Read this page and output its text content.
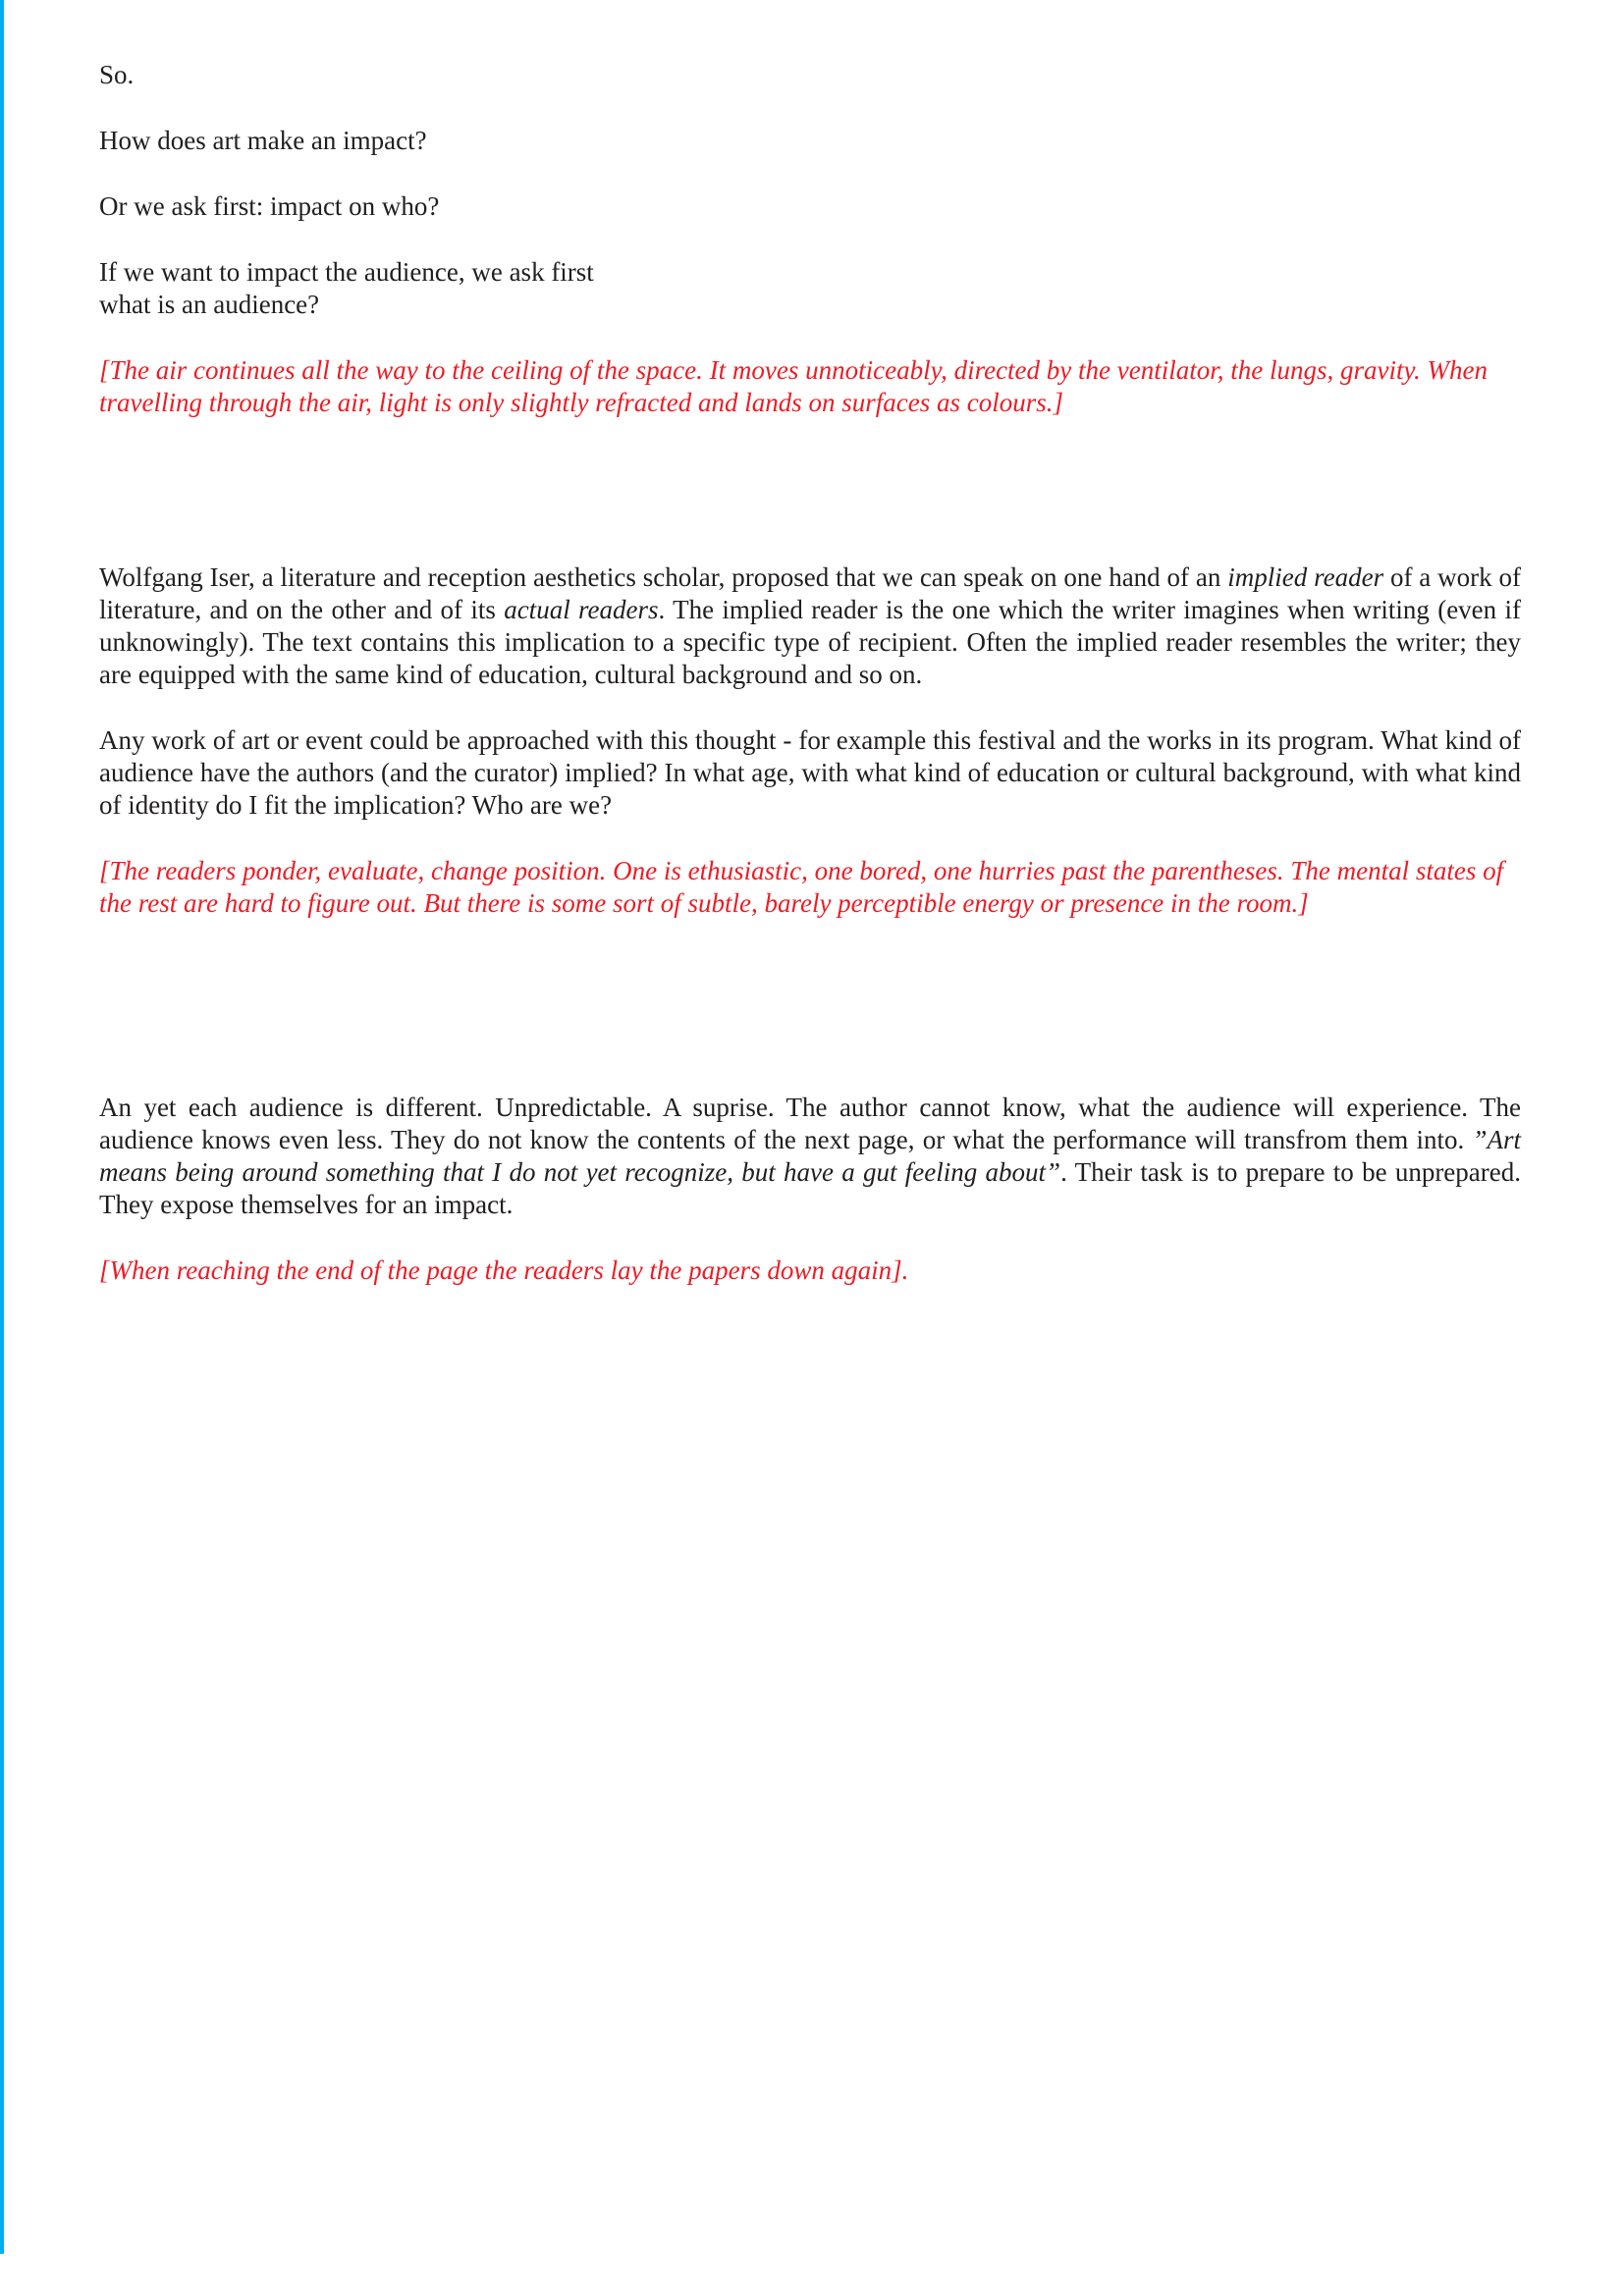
So.

How does art make an impact?

Or we ask first: impact on who?

If we want to impact the audience, we ask first
what is an audience?

[The air continues all the way to the ceiling of the space. It moves unnoticeably, directed by the ventilator, the lungs, gravity. When travelling through the air, light is only slightly refracted and lands on surfaces as colours.]

Wolfgang Iser, a literature and reception aesthetics scholar, proposed that we can speak on one hand of an implied reader of a work of literature, and on the other and of its actual readers. The implied reader is the one which the writer imagines when writing (even if unknowingly). The text contains this implication to a specific type of recipient. Often the implied reader resembles the writer; they are equipped with the same kind of education, cultural background and so on.

Any work of art or event could be approached with this thought - for example this festival and the works in its program. What kind of audience have the authors (and the curator) implied? In what age, with what kind of education or cultural background, with what kind of identity do I fit the implication? Who are we?

[The readers ponder, evaluate, change position. One is ethusiastic, one bored, one hurries past the parentheses. The mental states of the rest are hard to figure out. But there is some sort of subtle, barely perceptible energy or presence in the room.]

An yet each audience is different. Unpredictable. A suprise. The author cannot know, what the audience will experience. The audience knows even less. They do not know the contents of the next page, or what the performance will transfrom them into. ”Art means being around something that I do not yet recognize, but have a gut feeling about”. Their task is to prepare to be unprepared. They expose themselves for an impact.

[When reaching the end of the page the readers lay the papers down again].
